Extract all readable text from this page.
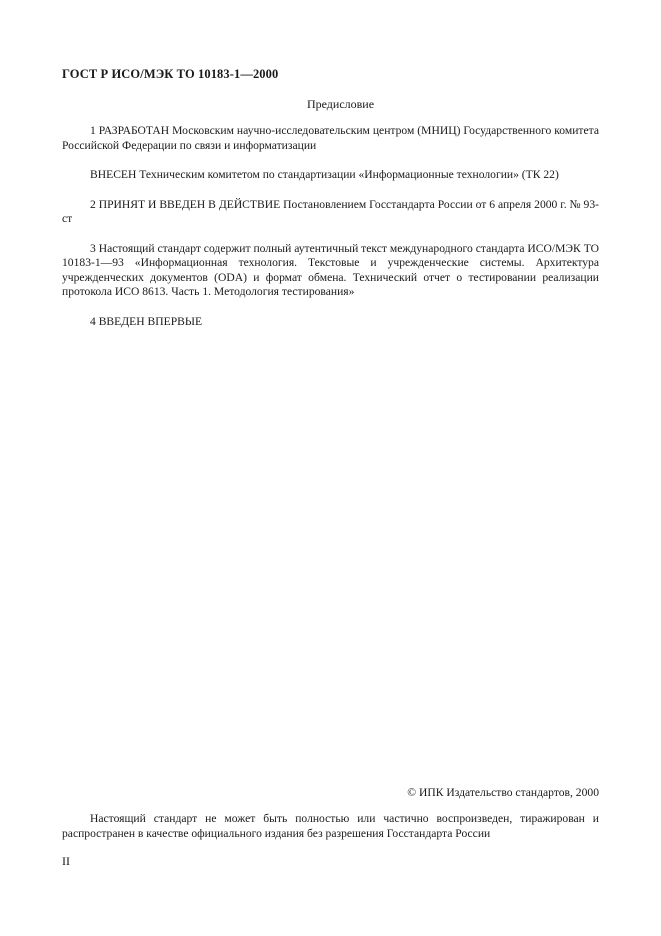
ГОСТ Р ИСО/МЭК ТО 10183-1—2000
Предисловие

1 РАЗРАБОТАН Московским научно-исследовательским центром (МНИЦ) Государственного комитета Российской Федерации по связи и информатизации

ВНЕСЕН Техническим комитетом по стандартизации «Информационные технологии» (ТК 22)

2 ПРИНЯТ И ВВЕДЕН В ДЕЙСТВИЕ Постановлением Госстандарта России от 6 апреля 2000 г. № 93-ст

3 Настоящий стандарт содержит полный аутентичный текст международного стандарта ИСО/МЭК ТО 10183-1—93 «Информационная технология. Текстовые и учрежденческие системы. Архитектура учрежденческих документов (ODA) и формат обмена. Технический отчет о тестировании реализации протокола ИСО 8613. Часть 1. Методология тестирования»

4 ВВЕДЕН ВПЕРВЫЕ

© ИПК Издательство стандартов, 2000

Настоящий стандарт не может быть полностью или частично воспроизведен, тиражирован и распространен в качестве официального издания без разрешения Госстандарта России

II
